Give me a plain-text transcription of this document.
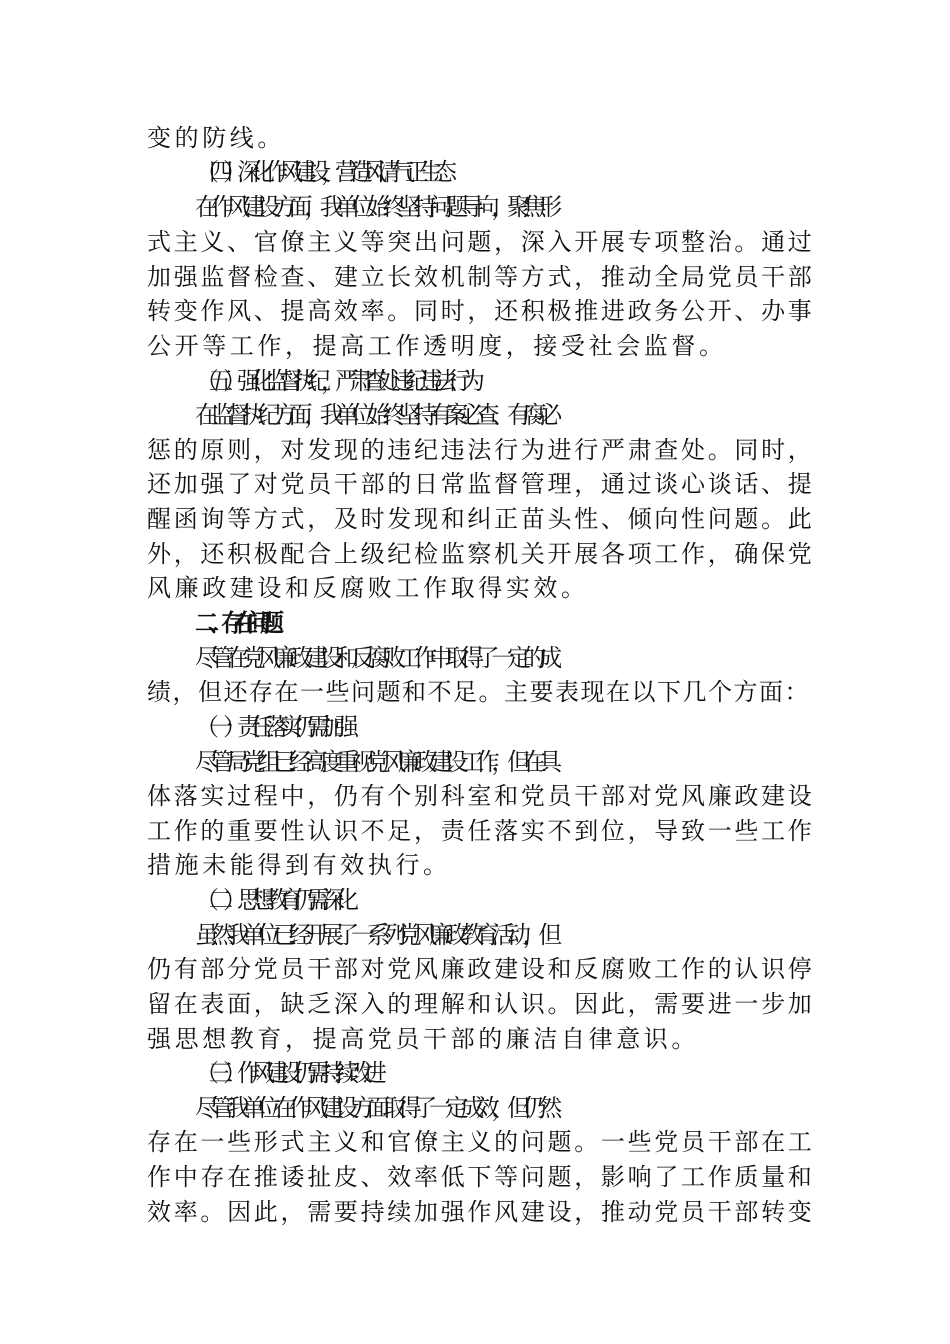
变的防线。
（四）深化作风建设，营造风清气正生态
在作风建设方面，我单位始终坚持问题导向，聚焦形
式主义、官僚主义等突出问题，深入开展专项整治。通过
加强监督检查、建立长效机制等方式，推动全局党员干部
转变作风、提高效率。同时，还积极推进政务公开、办事
公开等工作，提高工作透明度，接受社会监督。
（五）强化监督执纪，严肃查处违纪违法行为
在监督执纪方面，我单位始终坚持有案必查、有腐必
惩的原则，对发现的违纪违法行为进行严肃查处。同时，
还加强了对党员干部的日常监督管理，通过谈心谈话、提
醒函询等方式，及时发现和纠正苗头性、倾向性问题。此
外，还积极配合上级纪检监察机关开展各项工作，确保党
风廉政建设和反腐败工作取得实效。
二、存在问题
尽管在党风廉政建设和反腐败工作中取得了一定的成
绩，但还存在一些问题和不足。主要表现在以下几个方面：
（一）责任落实仍需加强
尽管局党组已经高度重视党风廉政建设工作，但在具
体落实过程中，仍有个别科室和党员干部对党风廉政建设
工作的重要性认识不足，责任落实不到位，导致一些工作
措施未能得到有效执行。
（二）思想教育仍需深化
虽然我单位已经开展了一系列党风廉政教育活动，但
仍有部分党员干部对党风廉政建设和反腐败工作的认识停
留在表面，缺乏深入的理解和认识。因此，需要进一步加
强思想教育，提高党员干部的廉洁自律意识。
（三）作风建设仍需持续改进
尽管我单位在作风建设方面取得了一定成效，但仍然
存在一些形式主义和官僚主义的问题。一些党员干部在工
作中存在推诿扯皮、效率低下等问题，影响了工作质量和
效率。因此，需要持续加强作风建设，推动党员干部转变
